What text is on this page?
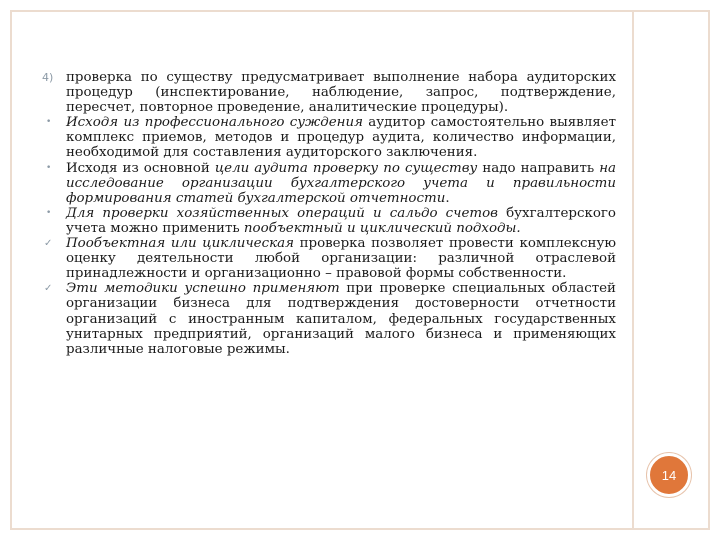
4) проверка по существу предусматривает выполнение набора аудиторских процедур (инспектирование, наблюдение, запрос, подтверждение, пересчет, повторное проведение, аналитические процедуры).
•	Исходя из профессионального суждения аудитор самостоятельно выявляет комплекс приемов, методов и процедур аудита, количество информации, необходимой для составления аудиторского заключения.
•	Исходя из основной цели аудита проверку по существу надо направить на исследование организации бухгалтерского учета и правильности формирования статей бухгалтерской отчетности.
•	Для проверки хозяйственных операций и сальдо счетов бухгалтерского учета можно применить пообъектный и циклический подходы.
✓	Пообъектная или циклическая проверка позволяет провести комплексную оценку деятельности любой организации: различной отраслевой принадлежности и организационно – правовой формы собственности.
✓	Эти методики успешно применяют при проверке специальных областей организации бизнеса для подтверждения достоверности отчетности организаций с иностранным капиталом, федеральных государственных унитарных предприятий, организаций малого бизнеса и применяющих различные налоговые режимы.
14
